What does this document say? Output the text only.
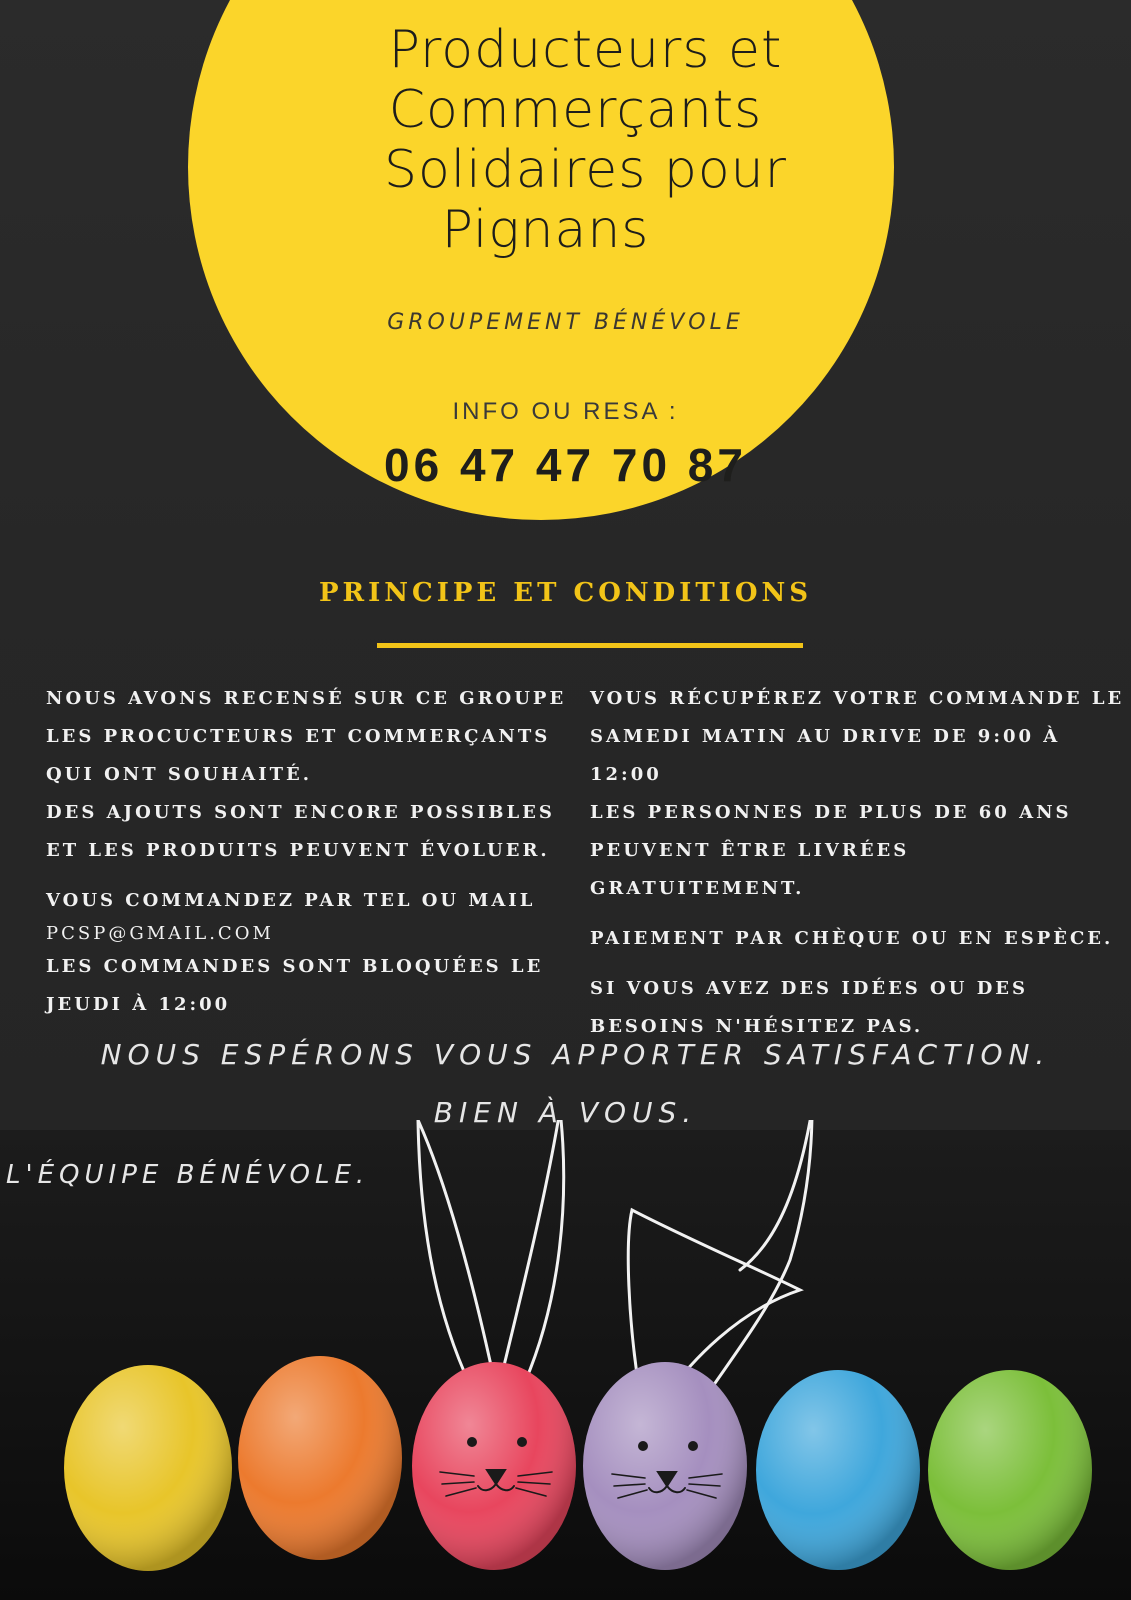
Producteurs et
Commerçants
Solidaires pour
Pignans
GROUPEMENT BÉNÉVOLE
INFO OU RESA :
06 47 47 70 87
PRINCIPE ET CONDITIONS
NOUS AVONS RECENSÉ SUR CE GROUPE
LES PROCUCTEURS ET COMMERÇANTS
QUI ONT SOUHAITÉ.
DES AJOUTS SONT ENCORE POSSIBLES
ET LES PRODUITS PEUVENT ÉVOLUER.
VOUS COMMANDEZ PAR TEL OU MAIL
PCSP@GMAIL.COM
LES COMMANDES SONT BLOQUÉES LE
JEUDI À 12:00
VOUS RÉCUPÉREZ VOTRE COMMANDE LE
SAMEDI MATIN AU DRIVE DE 9:00 À
12:00
LES PERSONNES DE PLUS DE 60 ANS
PEUVENT ÊTRE LIVRÉES
GRATUITEMENT.
PAIEMENT PAR CHÈQUE OU EN ESPÈCE.
SI VOUS AVEZ DES IDÉES OU DES
BESOINS N'HÉSITEZ PAS.
NOUS ESPÉRONS VOUS APPORTER SATISFACTION.
BIEN À VOUS.
L'ÉQUIPE BÉNÉVOLE.
